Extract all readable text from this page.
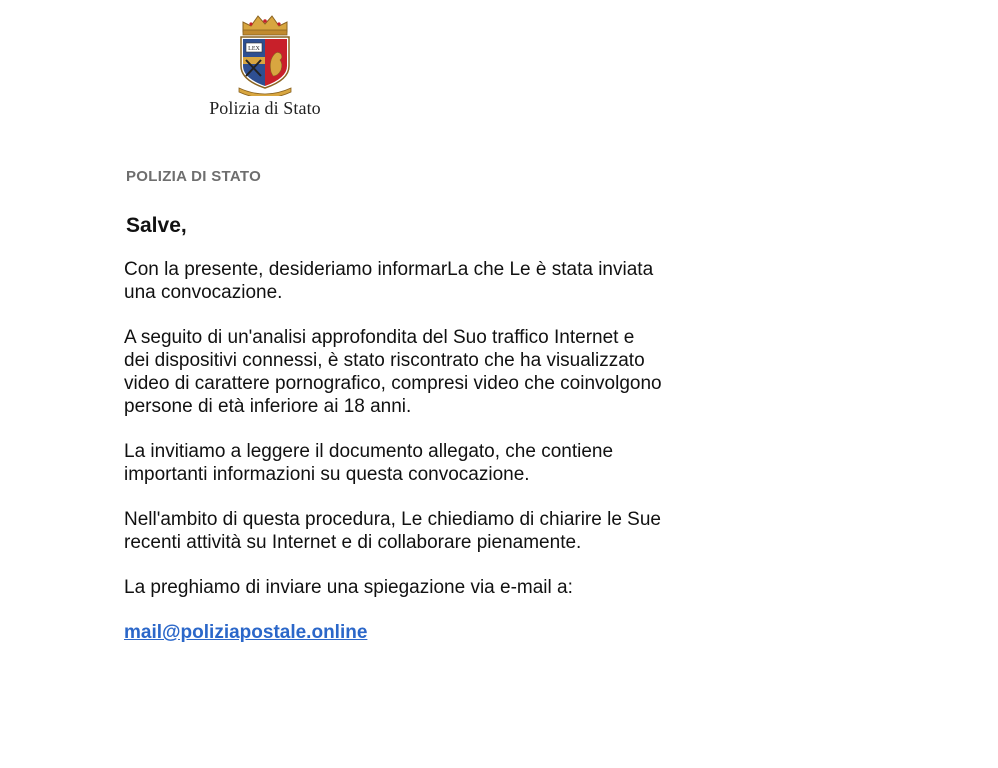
LEX
Polizia di Stato
POLIZIA DI STATO
Salve,

Con la presente, desideriamo informarLa che Le è stata inviata una convocazione.

A seguito di un'analisi approfondita del Suo traffico Internet e dei dispositivi connessi, è stato riscontrato che ha visualizzato video di carattere pornografico, compresi video che coinvolgono persone di età inferiore ai 18 anni.

La invitiamo a leggere il documento allegato, che contiene importanti informazioni su questa convocazione.

Nell'ambito di questa procedura, Le chiediamo di chiarire le Sue recenti attività su Internet e di collaborare pienamente.

La preghiamo di inviare una spiegazione via e-mail a:

mail@poliziapostale.online
